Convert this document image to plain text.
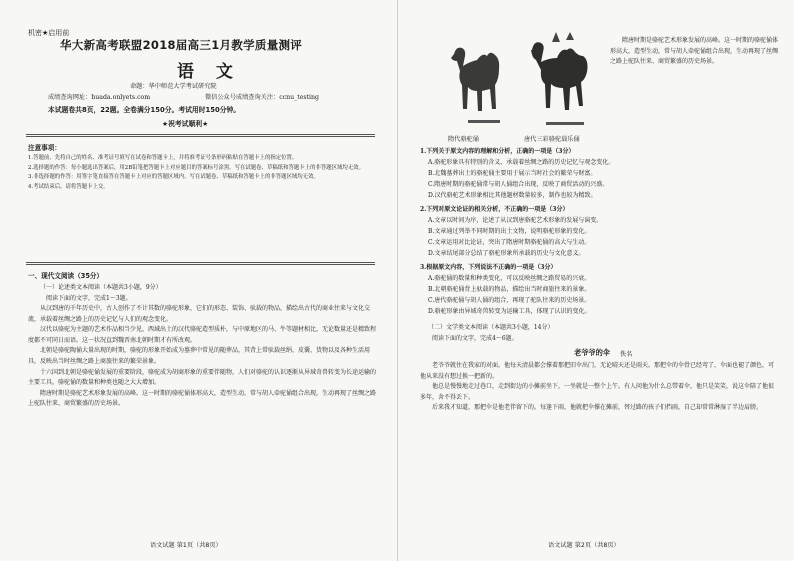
机密★启用前
华大新高考联盟2018届高三1月教学质量测评
语 文
命题：华中师范大学考试研究院
成绩查询网址：huada.onlyets.com	微信公众号成绩查询关注：ccnu_testing
本试题卷共8页，22题。全卷满分150分。考试用时150分钟。
★祝考试顺利★
注意事项：
1.答题前，先将自己的姓名、准考证号填写在试卷和答题卡上，并将准考证号条形码粘贴在答题卡上的指定位置。
2.选择题的作答：每小题选出答案后，用2B铅笔把答题卡上对应题目的答案标号涂黑。写在试题卷、草稿纸和答题卡上的非答题区域均无效。
3.非选择题的作答：用签字笔直接答在答题卡上对应的答题区域内。写在试题卷、草稿纸和答题卡上的非答题区域均无效。
4.考试结束后，请将答题卡上交。
一、现代文阅读（35分）
（一）论述类文本阅读（本题共3小题，9分）
阅读下面的文字，完成1～3题。

从汉到唐的千年历史中，古人创作了不计其数的骆驼形象，它们的形态、装饰、驮载的物品，描绘出古代的商业往来与文化交流，承载着丝绸之路上的历史记忆与人们的观念变化。

汉代以骆驼为主题的艺术作品相当少见，西域出土的汉代骆驼造型质朴，与中原地区的马、牛等题材相比，无论数量还是精致程度都不可同日而语。这一状况直到魏晋南北朝时期才有所改观。

北朝是骆驼陶俑大量出现的时期，骆驼的形象开始成为墓葬中常见的随葬品，其背上常驮载丝绢、皮囊、货物以及各种生活用具，反映出当时丝绸之路上商旅往来的繁荣景象。

十六国到北朝是骆驼俑发展的重要阶段，骆驼成为胡商形象的重要伴随物，人们对骆驼的认识逐渐从异域奇兽转变为长途运输的主要工具，骆驼俑的数量和种类也随之大大增加。

隋唐时期是骆驼艺术形象发展的高峰。这一时期的骆驼俑体形高大，造型生动，常与胡人牵驼俑组合出现，生动再现了丝绸之路上驼队往来、商贸繁盛的历史场景。

语文试题 第1页（共8页）
隋代骆驼俑	唐代三彩骆驼载乐俑

隋唐时期是骆驼艺术形象发展的高峰。这一时期的骆驼俑体形高大，造型生动，常与胡人牵驼俑组合出现，生动再现了丝绸之路上驼队往来、商贸繁盛的历史场景。

1.下列关于原文内容的理解和分析，正确的一项是（3分）
A.骆驼形象具有特别的含义，承载着丝绸之路的历史记忆与观念变化。
B.北魏墓葬出土的骆驼俑主要用于展示当时社会的繁荣与财富。
C.隋唐时期的骆驼俑常与胡人俑组合出现，反映了商贸活动的兴盛。
D.汉代骆驼艺术形象相比其他题材数量较多，制作也较为精致。
2.下列对原文论证的相关分析，不正确的一项是（3分）
A.文章以时间为序，论述了从汉到唐骆驼艺术形象的发展与演变。
B.文章通过列举不同时期的出土文物，说明骆驼形象的变化。
C.文章运用对比论证，突出了隋唐时期骆驼俑的高大与生动。
D.文章结尾部分总结了骆驼形象所承载的历史与文化意义。
3.根据原文内容，下列说法不正确的一项是（3分）
A.骆驼俑的数量和种类变化，可以反映丝绸之路贸易的兴衰。
B.北朝骆驼俑背上驮载的物品，描绘出当时商旅往来的景象。
C.唐代骆驼俑与胡人俑的组合，再现了驼队往来的历史场景。
D.骆驼形象由异域奇兽转变为运输工具，体现了认识的变化。
（二）文学类文本阅读（本题共3小题，14分）
阅读下面的文字，完成4～6题。
老爷爷的伞 佚名

老爷爷就住在我家的对面，他每天清晨都会撑着那把旧伞出门，无论晴天还是雨天。那把伞的伞骨已经弯了，伞面也褪了颜色，可他从来没有想过换一把新的。

他总是慢慢地走过巷口，走到街边的小摊前坐下，一坐就是一整个上午。有人问他为什么总带着伞，他只是笑笑，说这伞陪了他很多年，舍不得丢下。

后来我才知道，那把伞是他老伴留下的。每逢下雨，他就把伞撑在摊前，替过路的孩子们挡雨，自己却常常淋湿了半边肩膀。

语文试题 第2页（共8页）
